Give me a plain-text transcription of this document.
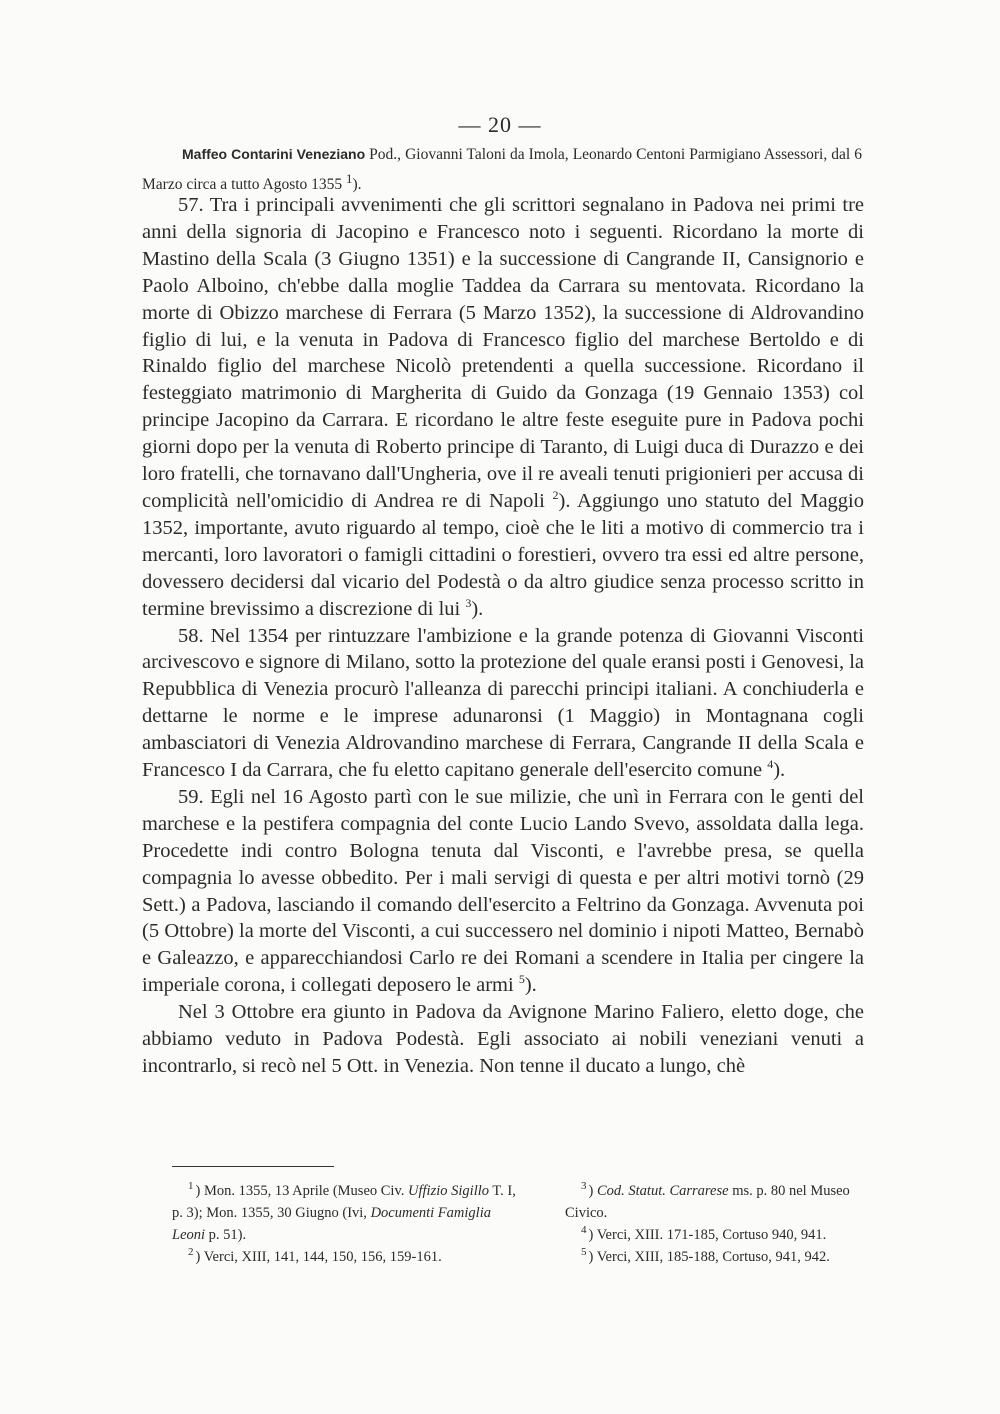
— 20 —
Maffeo Contarini Veneziano Pod., Giovanni Taloni da Imola, Leonardo Centoni Parmigiano Assessori, dal 6 Marzo circa a tutto Agosto 1355 $^1$).

57. Tra i principali avvenimenti che gli scrittori segnalano in Padova nei primi tre anni della signoria di Jacopino e Francesco noto i seguenti. Ricordano la morte di Mastino della Scala (3 Giugno 1351) e la successione di Cangrande II, Cansignorio e Paolo Alboino, ch'ebbe dalla moglie Taddea da Carrara su mentovata. Ricordano la morte di Obizzo marchese di Ferrara (5 Marzo 1352), la successione di Aldrovandino figlio di lui, e la venuta in Padova di Francesco figlio del marchese Bertoldo e di Rinaldo figlio del marchese Nicolò pretendenti a quella successione. Ricordano il festeggiato matrimonio di Margherita di Guido da Gonzaga (19 Gennaio 1353) col principe Jacopino da Carrara. E ricordano le altre feste eseguite pure in Padova pochi giorni dopo per la venuta di Roberto principe di Taranto, di Luigi duca di Durazzo e dei loro fratelli, che tornavano dall'Ungheria, ove il re aveali tenuti prigionieri per accusa di complicità nell'omicidio di Andrea re di Napoli $^2$). Aggiungo uno statuto del Maggio 1352, importante, avuto riguardo al tempo, cioè che le liti a motivo di commercio tra i mercanti, loro lavoratori o famigli cittadini o forestieri, ovvero tra essi ed altre persone, dovessero decidersi dal vicario del Podestà o da altro giudice senza processo scritto in termine brevissimo a discrezione di lui $^3$).

58. Nel 1354 per rintuzzare l'ambizione e la grande potenza di Giovanni Visconti arcivescovo e signore di Milano, sotto la protezione del quale eransi posti i Genovesi, la Repubblica di Venezia procurò l'alleanza di parecchi principi italiani. A conchiuderla e dettarne le norme e le imprese adunaronsi (1 Maggio) in Montagnana cogli ambasciatori di Venezia Aldrovandino marchese di Ferrara, Cangrande II della Scala e Francesco I da Carrara, che fu eletto capitano generale dell'esercito comune $^4$).

59. Egli nel 16 Agosto partì con le sue milizie, che unì in Ferrara con le genti del marchese e la pestifera compagnia del conte Lucio Lando Svevo, assoldata dalla lega. Procedette indi contro Bologna tenuta dal Visconti, e l'avrebbe presa, se quella compagnia lo avesse obbedito. Per i mali servigi di questa e per altri motivi tornò (29 Sett.) a Padova, lasciando il comando dell'esercito a Feltrino da Gonzaga. Avvenuta poi (5 Ottobre) la morte del Visconti, a cui successero nel dominio i nipoti Matteo, Bernabò e Galeazzo, e apparecchiandosi Carlo re dei Romani a scendere in Italia per cingere la imperiale corona, i collegati deposero le armi $^5$).

Nel 3 Ottobre era giunto in Padova da Avignone Marino Faliero, eletto doge, che abbiamo veduto in Padova Podestà. Egli associato ai nobili veneziani venuti a incontrarlo, si recò nel 5 Ott. in Venezia. Non tenne il ducato a lungo, chè

$^1$ ) Mon. 1355, 13 Aprile (Museo Civ. Uffizio Sigillo T. I, p. 3); Mon. 1355, 30 Giugno (Ivi, Documenti Famiglia Leoni p. 51).

$^2$ ) Verci, XIII, 141, 144, 150, 156, 159-161.

$^3$ ) Cod. Statut. Carrarese ms. p. 80 nel Museo Civico.

$^4$ ) Verci, XIII. 171-185, Cortuso 940, 941.

$^5$ ) Verci, XIII, 185-188, Cortuso, 941, 942.
